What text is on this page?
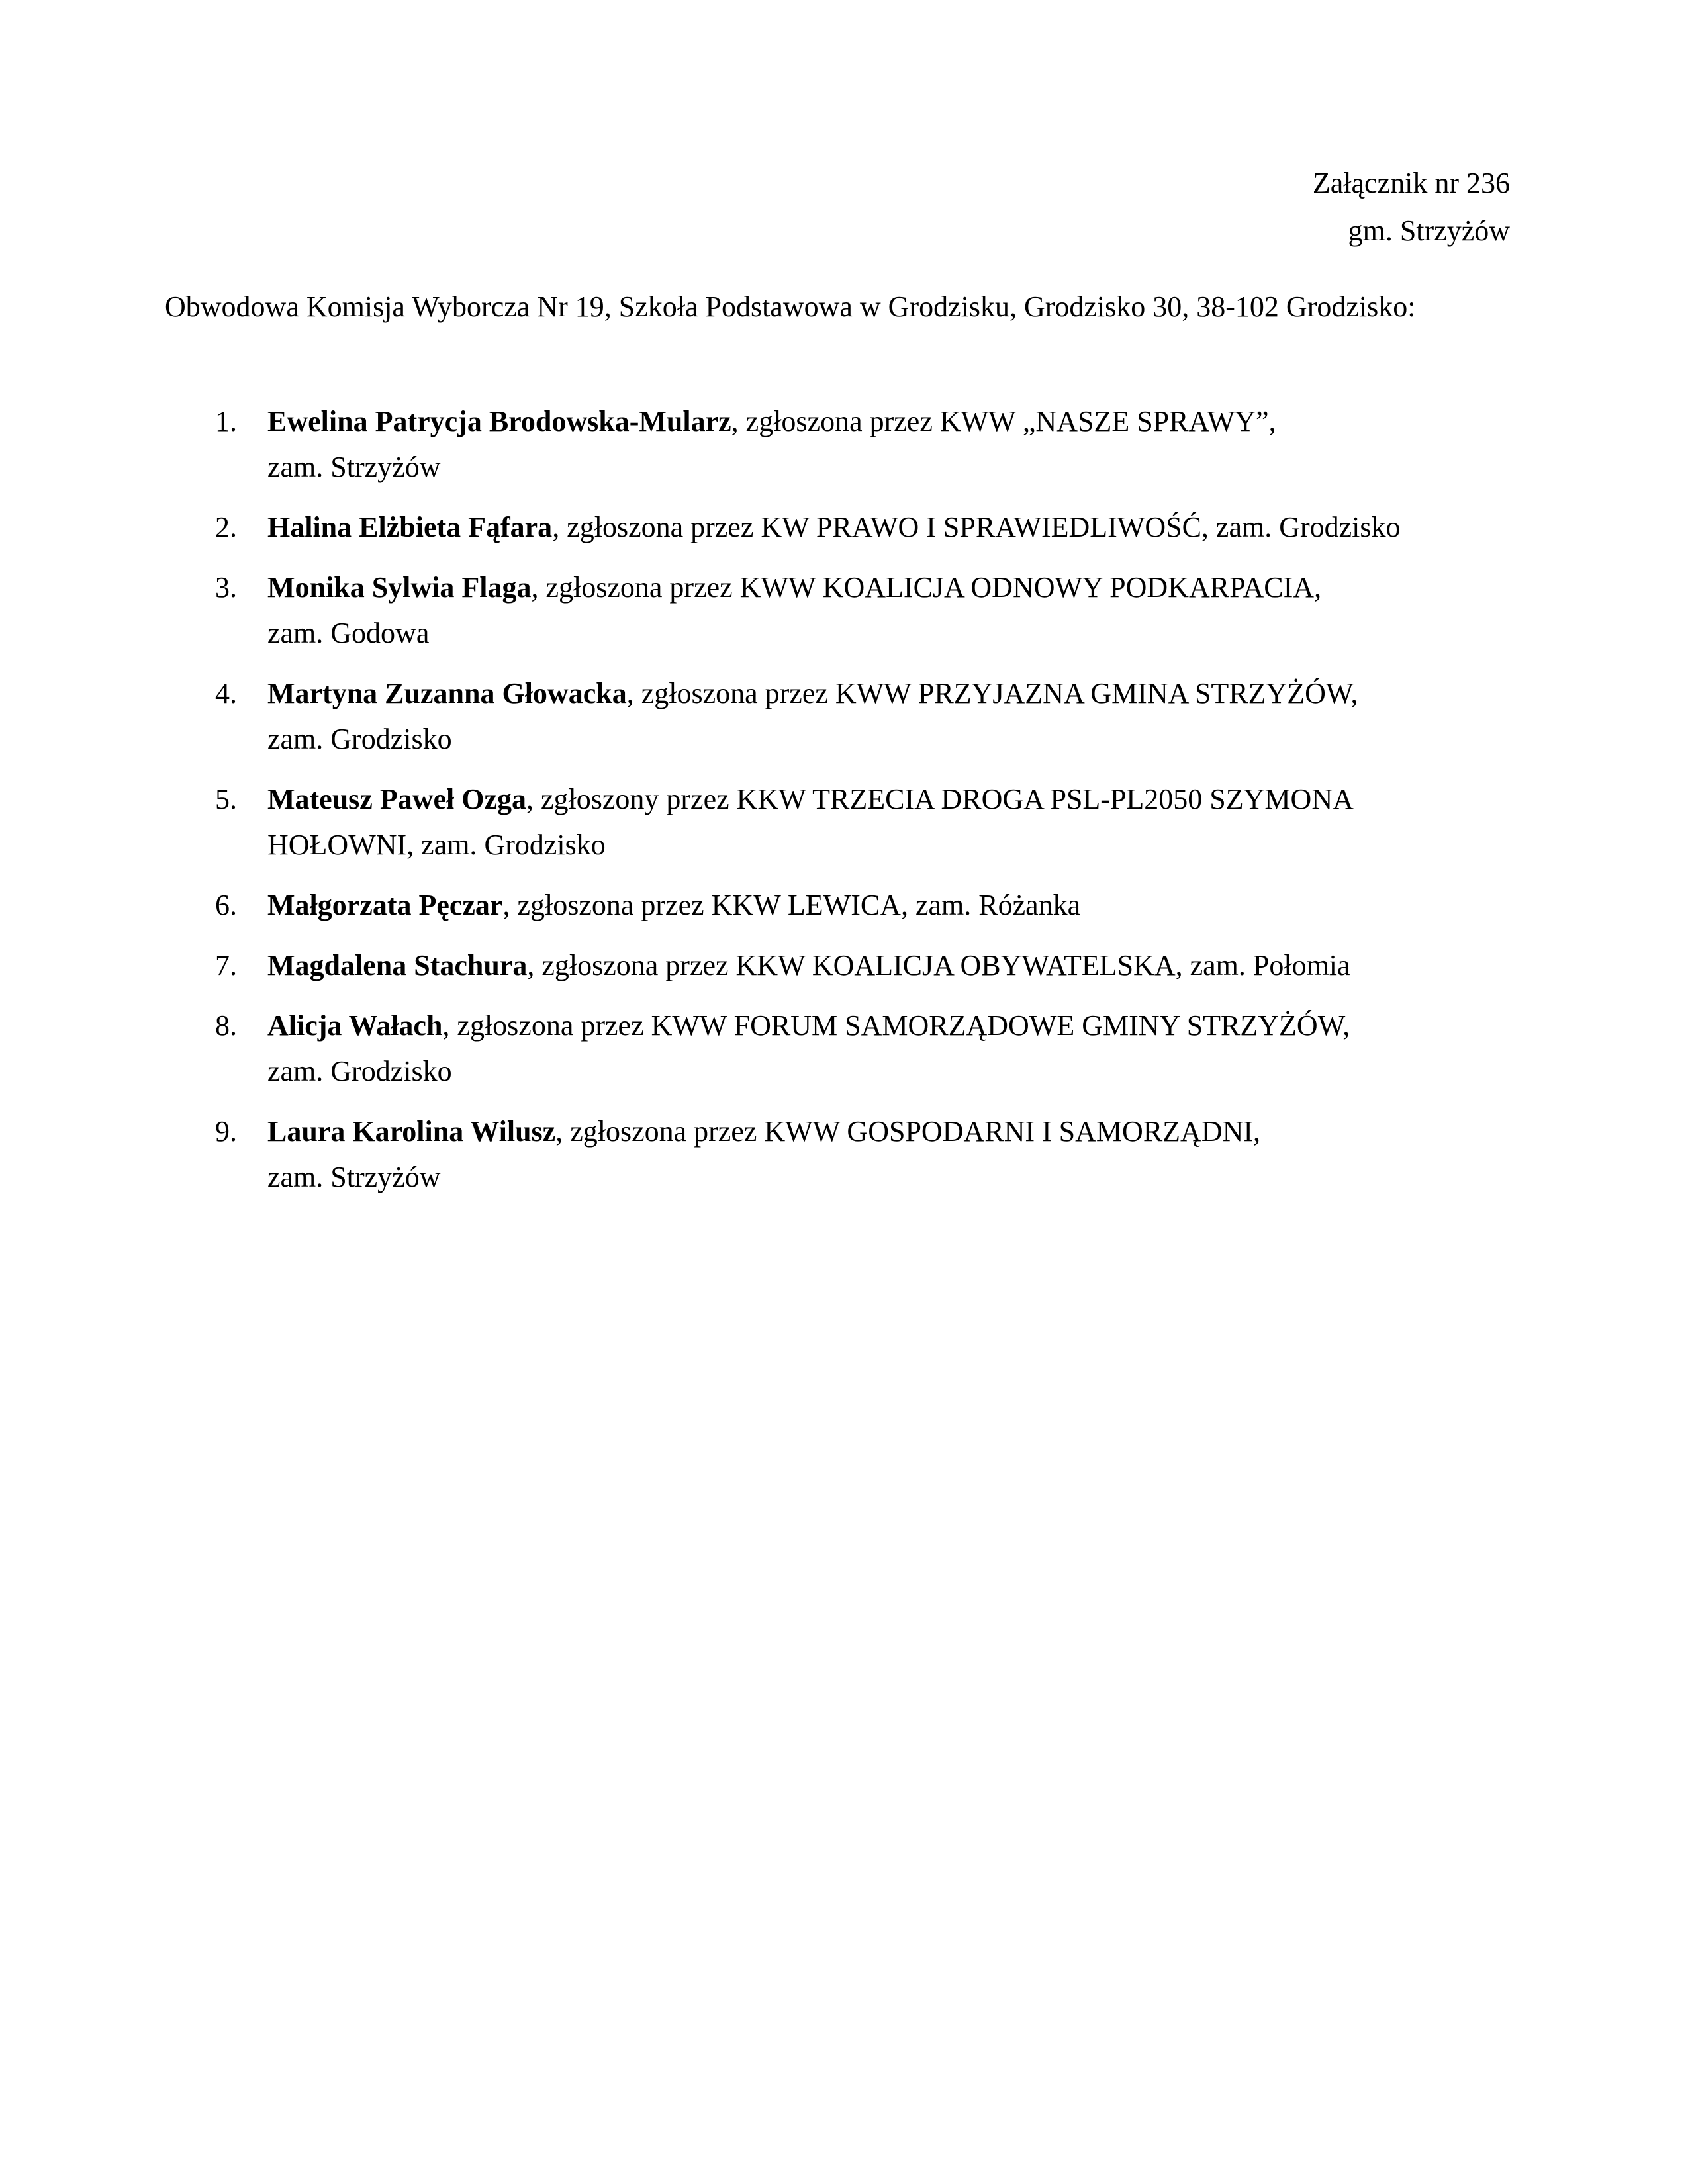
Załącznik nr 236
gm. Strzyżów
Obwodowa Komisja Wyborcza Nr 19, Szkoła Podstawowa w Grodzisku, Grodzisko 30, 38-102 Grodzisko:
1. Ewelina Patrycja Brodowska-Mularz, zgłoszona przez KWW „NASZE SPRAWY”,
zam. Strzyżów
2. Halina Elżbieta Fąfara, zgłoszona przez KW PRAWO I SPRAWIEDLIWOŚĆ, zam. Grodzisko
3. Monika Sylwia Flaga, zgłoszona przez KWW KOALICJA ODNOWY PODKARPACIA,
zam. Godowa
4. Martyna Zuzanna Głowacka, zgłoszona przez KWW PRZYJAZNA GMINA STRZYŻÓW,
zam. Grodzisko
5. Mateusz Paweł Ozga, zgłoszony przez KKW TRZECIA DROGA PSL-PL2050 SZYMONA
HOŁOWNI, zam. Grodzisko
6. Małgorzata Pęczar, zgłoszona przez KKW LEWICA, zam. Różanka
7. Magdalena Stachura, zgłoszona przez KKW KOALICJA OBYWATELSKA, zam. Połomia
8. Alicja Wałach, zgłoszona przez KWW FORUM SAMORZĄDOWE GMINY STRZYŻÓW,
zam. Grodzisko
9. Laura Karolina Wilusz, zgłoszona przez KWW GOSPODARNI I SAMORZĄDNI,
zam. Strzyżów
